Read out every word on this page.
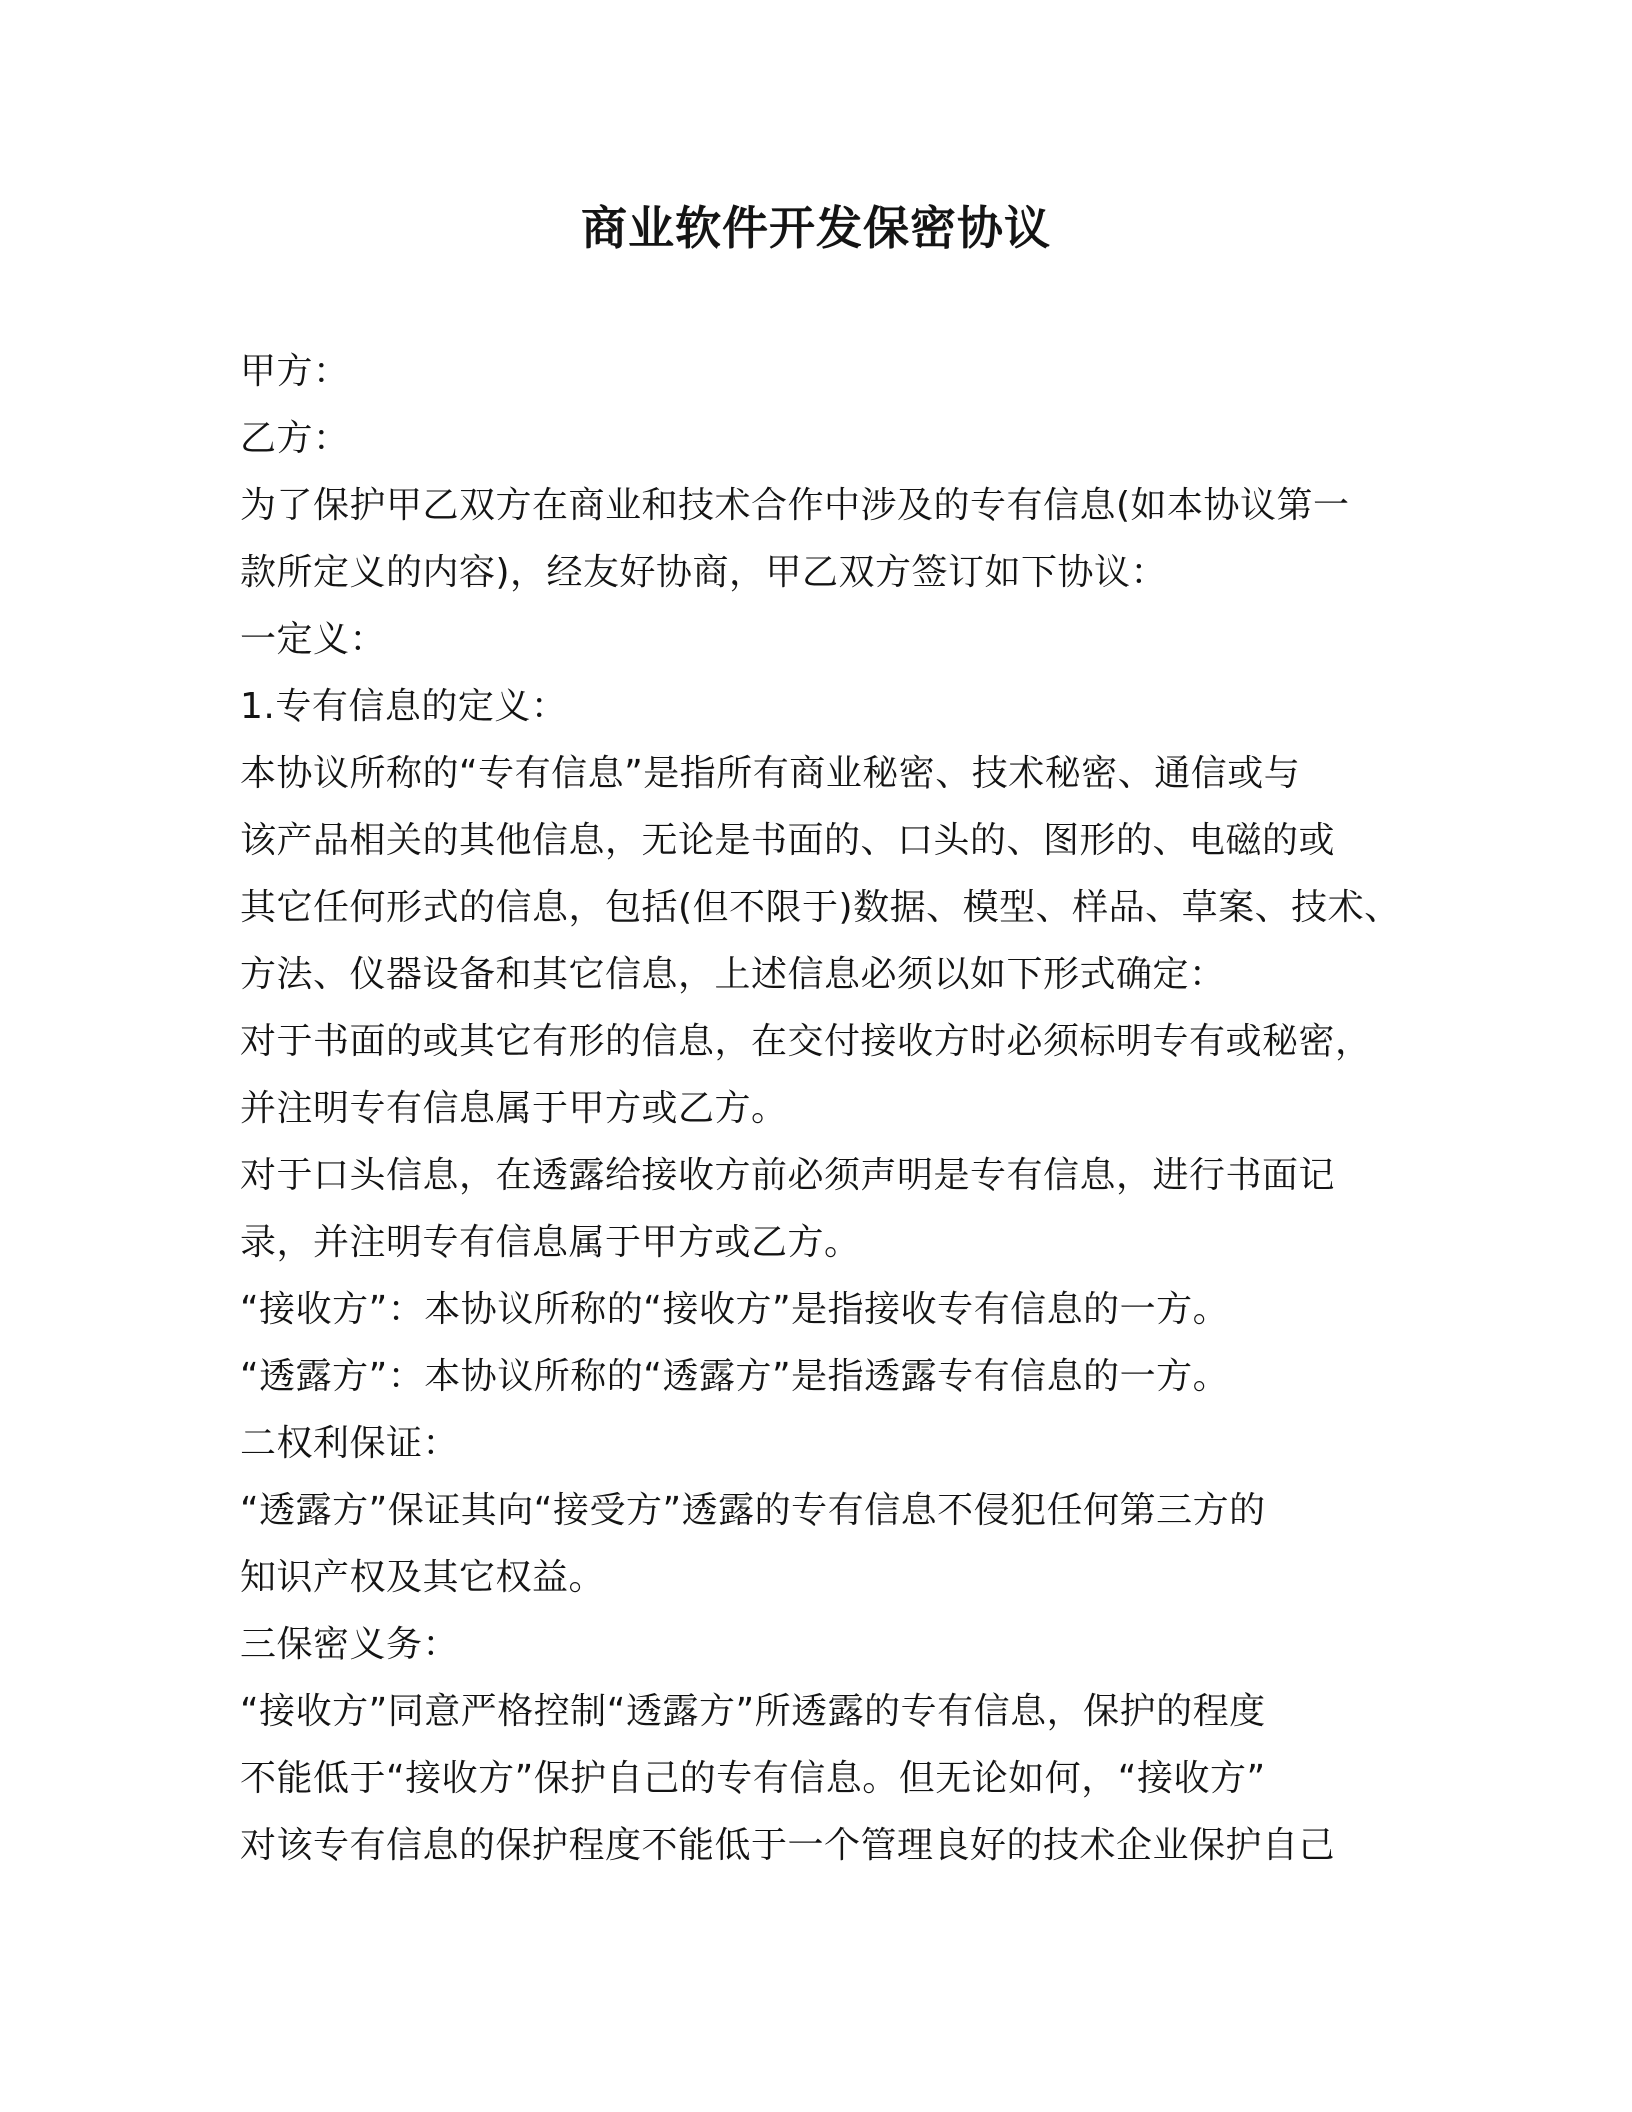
商业软件开发保密协议
甲方：
乙方：
为了保护甲乙双方在商业和技术合作中涉及的专有信息(如本协议第一
款所定义的内容)，经友好协商，甲乙双方签订如下协议：
一定义：
1.专有信息的定义：
本协议所称的“专有信息”是指所有商业秘密、技术秘密、通信或与
该产品相关的其他信息，无论是书面的、口头的、图形的、电磁的或
其它任何形式的信息，包括(但不限于)数据、模型、样品、草案、技术、
方法、仪器设备和其它信息，上述信息必须以如下形式确定：
对于书面的或其它有形的信息，在交付接收方时必须标明专有或秘密，
并注明专有信息属于甲方或乙方。
对于口头信息，在透露给接收方前必须声明是专有信息，进行书面记
录，并注明专有信息属于甲方或乙方。
“接收方”：本协议所称的“接收方”是指接收专有信息的一方。
“透露方”：本协议所称的“透露方”是指透露专有信息的一方。
二权利保证：
“透露方”保证其向“接受方”透露的专有信息不侵犯任何第三方的
知识产权及其它权益。
三保密义务：
“接收方”同意严格控制“透露方”所透露的专有信息，保护的程度
不能低于“接收方”保护自己的专有信息。但无论如何，“接收方”
对该专有信息的保护程度不能低于一个管理良好的技术企业保护自己
